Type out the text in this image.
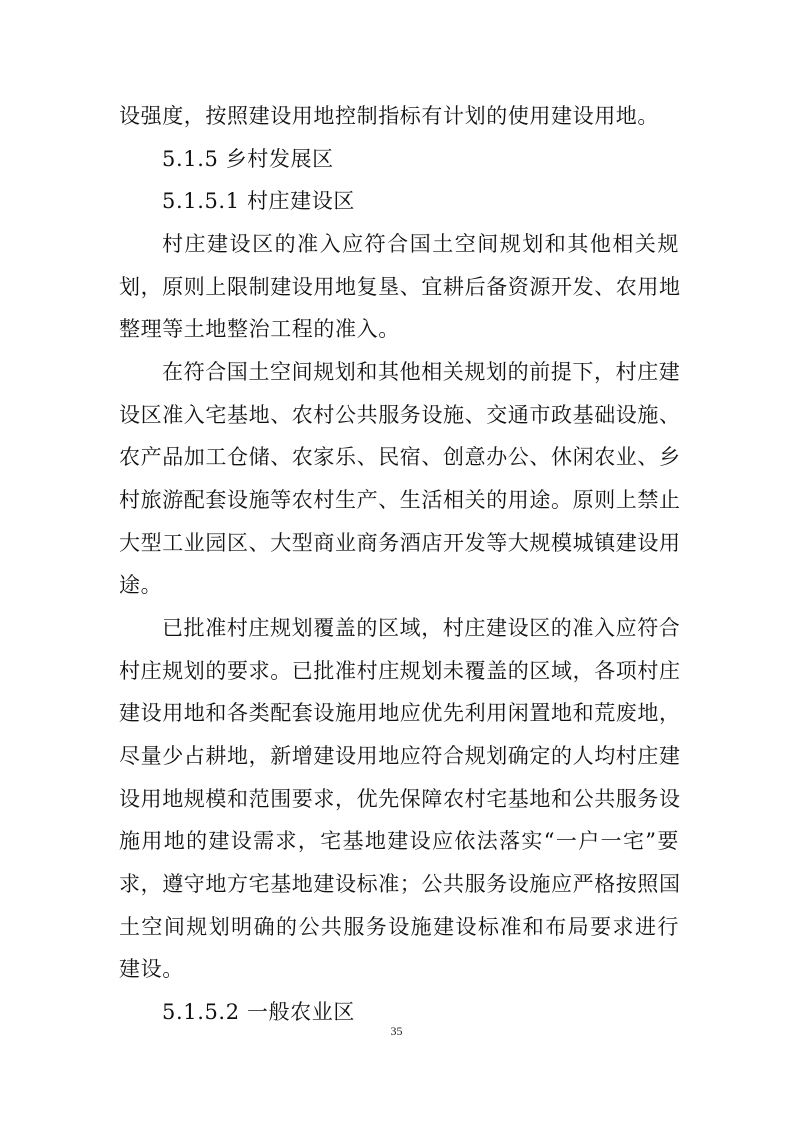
设强度，按照建设用地控制指标有计划的使用建设用地。
5.1.5 乡村发展区
5.1.5.1 村庄建设区
村庄建设区的准入应符合国土空间规划和其他相关规
划，原则上限制建设用地复垦、宜耕后备资源开发、农用地
整理等土地整治工程的准入。
在符合国土空间规划和其他相关规划的前提下，村庄建
设区准入宅基地、农村公共服务设施、交通市政基础设施、
农产品加工仓储、农家乐、民宿、创意办公、休闲农业、乡
村旅游配套设施等农村生产、生活相关的用途。原则上禁止
大型工业园区、大型商业商务酒店开发等大规模城镇建设用
途。
已批准村庄规划覆盖的区域，村庄建设区的准入应符合
村庄规划的要求。已批准村庄规划未覆盖的区域，各项村庄
建设用地和各类配套设施用地应优先利用闲置地和荒废地，
尽量少占耕地，新增建设用地应符合规划确定的人均村庄建
设用地规模和范围要求，优先保障农村宅基地和公共服务设
施用地的建设需求，宅基地建设应依法落实“一户一宅”要
求，遵守地方宅基地建设标准；公共服务设施应严格按照国
土空间规划明确的公共服务设施建设标准和布局要求进行
建设。
5.1.5.2 一般农业区
35
